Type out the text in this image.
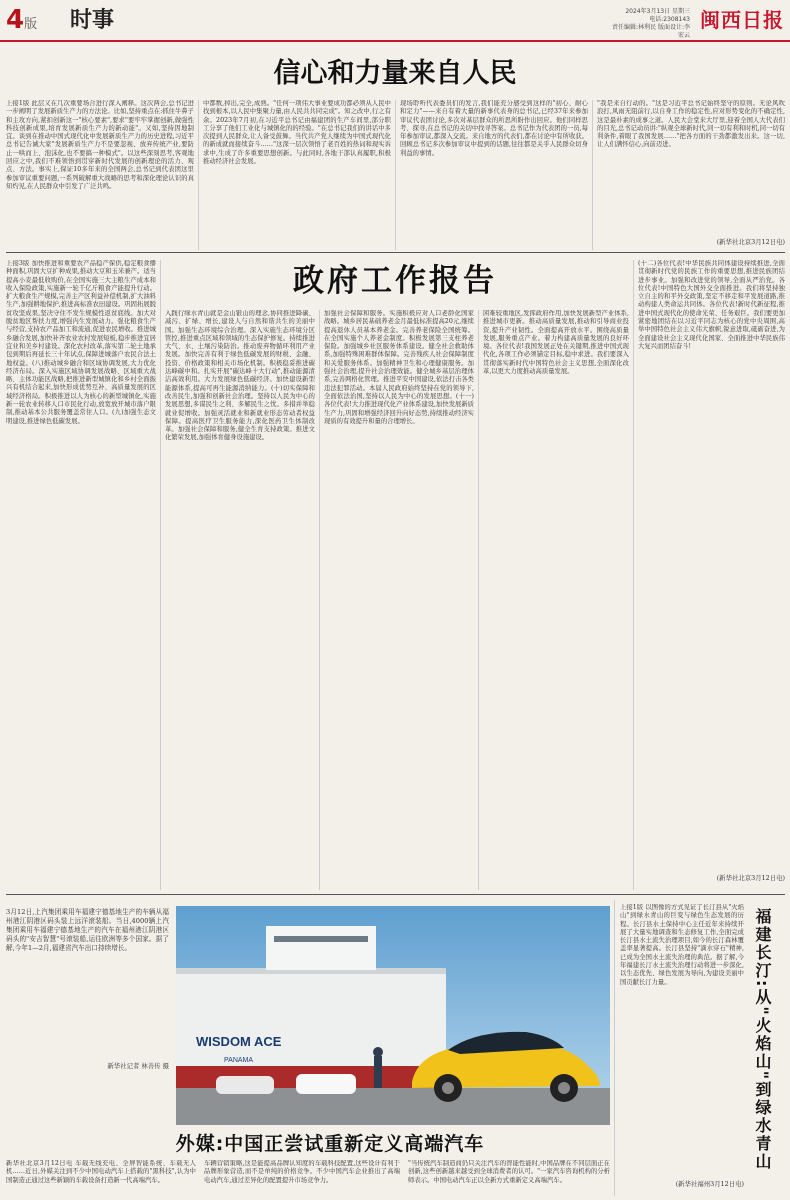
4版 时事	2024年3月13日 星期三
电话:2308143
责任编辑:林利民 版面设计:李宏云
闽西日报
信心和力量来自人民
上接1版 此层又在几次重要场合进行深入阐释。这次两会,总书记进一步阐明了发展新质生产力的方法论。比如,坚持重点在:抓住牛鼻子和主攻方向,紧扣创新这一"核心要素",要求"要牢牢掌握创新,做强性科技创新成果,培育发展新质生产力的新动能"。又如,坚持因地制宜。谈到在推动中国式现代化中发展新质生产力的历史进程,习近平总书记告诫大家"发展新质生产力不是要忽视、放弃传统产业,要防止一哄而上、泡沫化,也不要搞一种模式"。以这些深刻思考,客观地回应之中,我们不难领悟到贯穿新时代发展的创新理论的活力、观点、方法。事实上,保证10多年来的全国两会,总书记到代表团这里参加审议重要问题,一系列破解重大战略的思考和深化理论认识的真知灼见,在人民群众中引发了广泛共鸣。
中都数,掉出,完全,成熟。"任何一项伟大事业要成功都必须从人民中找到根本,以人民中集聚力量,由人民共共同完成"。知之改中,行之有余。2023年7月初,在习近平总书记由福建团的生产车间里,部分职工分享了他们工业化与城镇化的的经验。"在总书记我们的讲话中多次提到人民群众,让人备受鼓舞。当代共产党人继续为中国式现代化的新成就而接续奋斗……"这深一层次领悟了老百姓的热词和现实诉求中,生成了许多重要思想创新。与此同时,各地干部认真履职,积极推动经济社会发展。
现场聆听代表委员们的发言,我们能充分感受到这样的"初心、耐心和定力"——来自有着大量的新事代表身的总书记,已经37年来参加审议代表团讨论,多次对基层群众的所思所盼作出回应。他们同样思考、探寻,在总书记的关切中找寻答案。总书记作为代表团的一员,每年参加审议,都深入交流。来自地方的代表们,都在讨论中有所收获。回顾总书记多次参加审议中提到的话题,往往都是关乎人民群众切身利益的事情。
"我是来自行动的。"这是习近平总书记始终坚守的原则。无论风吹浪打,风雨无阻前行,以自身工作的稳定性,应对形势变化的不确定性,这是最朴素的成事之道。人民大会堂来大厅里,迎着全国人大代表们的目光,总书记动员讲:"纵观全球新时代,同一切有利和时机,同一切有利条件,着眼了我国发展……"把各方面的干劲都激发出来。这一切,让人们满怀信心,向前迈进。
(新华社北京3月12日电)
政府工作报告
上接3版 加快推进和重要农产品稳产保供,稳定粮食播种面积,巩固大豆扩种成果,推动大豆和玉米兼产。适当提高小麦最低收购价,在全国实施三大主粮生产成本和收入保险政策,实施新一轮千亿斤粮食产能提升行动。扩大粮食生产规模,完善主产区利益补偿机制,扩大油料生产,加强耕地保护,推进高标准农田建设。巩固拓展脱贫攻坚成果,坚决守住不发生规模性返贫底线。加大对脱贫地区帮扶力度,增强内生发展动力。强化粮食生产与经营,支持农产品加工和流通,促进农民增收。推进城乡融合发展,加快补齐农业农村发展短板,稳步推进宜居宜业和美乡村建设。深化农村改革,落实第二轮土地承包到期后再延长三十年试点,保障进城落户农民合法土地权益。(八)推动城乡融合和区域协调发展,大力优化经济布局。深入实施区域协调发展战略、区域重大战略、主体功能区战略,把推进新型城镇化和乡村全面振兴有机结合起来,加快形成优势互补、高质量发展的区域经济格局。积极推进以人为核心的新型城镇化,实施新一轮农业转移人口市民化行动,放宽放开城市落户限制,推动基本公共服务覆盖常住人口。(九)加强生态文明建设,推进绿色低碳发展。
入践行绿水青山就是金山银山的理念,协同推进降碳、减污、扩绿、增长,建设人与自然和谐共生的美丽中国。加强生态环境综合治理。深入实施生态环境分区管控,推进重点区域和领域的生态保护修复。持续推进大气、水、土壤污染防治。推动废弃物循环利用产业发展。加快完善有利于绿色低碳发展的财税、金融、投资、价格政策和相关市场化机制。积极稳妥推进碳达峰碳中和。扎实开展"碳达峰十大行动",推动能源清洁高效利用。大力发展绿色低碳经济。加快建设新型能源体系,提高可再生能源消纳能力。(十)切实保障和改善民生,加强和创新社会治理。坚持以人民为中心的发展思想,多谋民生之利、多解民生之忧。多措并举稳就业促增收。加强灵活就业和新就业形态劳动者权益保障。提高医疗卫生服务能力,深化医药卫生体制改革。加强社会保障和服务,健全生育支持政策。推进文化繁荣发展,加强体育健身设施建设。
加强社会保障和服务。实施积极应对人口老龄化国家战略。城乡居民基础养老金月最低标准提高20元,继续提高退休人员基本养老金。完善养老保险全国统筹。在全国实施个人养老金制度。积极发展第三支柱养老保险。加强城乡社区服务体系建设。健全社会救助体系,加强特殊困难群体保障。完善残疾人社会保障制度和关爱服务体系。加强精神卫生和心理健康服务。加强社会治理,提升社会治理效能。健全城乡基层治理体系,完善网格化管理。推进平安中国建设,依法打击各类违法犯罪活动。本届人民政府始终坚持在党的领导下,全面依法治国,坚持以人民为中心的发展思想。(十一)各位代表!大力推进现代化产业体系建设,加快发展新质生产力,巩固和增强经济回升向好态势,持续推动经济实现质的有效提升和量的合理增长。
困难较重地区,发挥政府作用,加快发展新型产业体系,推进城市更新。推动高质量发展,推动和引导商业投资,提升产业韧性。全面提高开放水平。围绕高质量发展,服务重点产业。着力构建高质量发展的良好环境。各位代表!我国发展正处在关键期,推进中国式现代化,各项工作必须锚定目标,稳中求进。我们要深入贯彻落实新时代中国特色社会主义思想,全面深化改革,以更大力度推动高质量发展。
(十二)各位代表!中华民族共同体建设持续推进,全面贯彻新时代党的民族工作的重要思想,推进民族团结进步事业。加强和改进党的领导,全面从严治党。各位代表!中国特色大国外交全面推进。我们将坚持独立自主的和平外交政策,坚定不移走和平发展道路,推动构建人类命运共同体。各位代表!新时代新征程,推进中国式现代化的使命光荣、任务艰巨。我们要更加紧密地团结在以习近平同志为核心的党中央周围,高举中国特色社会主义伟大旗帜,锐意进取,砥砺奋进,为全面建设社会主义现代化国家、全面推进中华民族伟大复兴而团结奋斗!
(新华社北京3月12日电)
3月12日,上汽集团乘用车福建宁德基地生产的车辆从福州港江阴港区码头装上远洋滚装船。当日,4000辆上汽集团乘用车福建宁德基地生产的汽车在福州港江阴港区码头的"安吉智慧"号滚装船,运往欧洲等多个国家。据了解,今年1—2月,福建省汽车出口持续增长。
新华社记者 林善传 摄
WISDOM ACE
PANAMA
上接1版 以图像的方式见证了长汀县从"火焰山"到绿水青山的巨变与绿色生态发展的历程。长汀县水土保持中心主任近年来持续开展了大量实地调查和生态修复工作,全面完成长汀县水土流失治理项目,如今的长汀森林覆盖率显著提高。长汀县坚持"滴水穿石"精神,已成为全国水土流失治理的典范。据了解,今年福建长汀水土流失治理行动将进一步深化,以生态优先、绿色发展为导向,为建设美丽中国贡献长汀力量。
(新华社福州3月12日电)
福建长汀:从"火焰山"到绿水青山
外媒:中国正尝试重新定义高端汽车
新华社北京3月12日电 车载无线充电、全屏智能系统、车载无人机……近日,外媒关注到不少中国电动汽车上搭载的"黑科技",认为中国制造正通过这些新颖的车载设备打造新一代高端汽车。
车辆营销策略,这是能提高品牌认知度的车载科技配置,这些设计有利于品牌形象营造,而不是单纯的价格竞争。不少中国汽车企业推出了高端电动汽车,通过差异化的配置提升市场竞争力。
"当传统汽车制造商仍只关注汽车的智能性能时,中国品牌在不同层面正在创新,这些创新越来越受到全球消费者的认可。"一家汽车咨询机构的分析师表示。中国电动汽车正以全新方式重新定义高端汽车。
